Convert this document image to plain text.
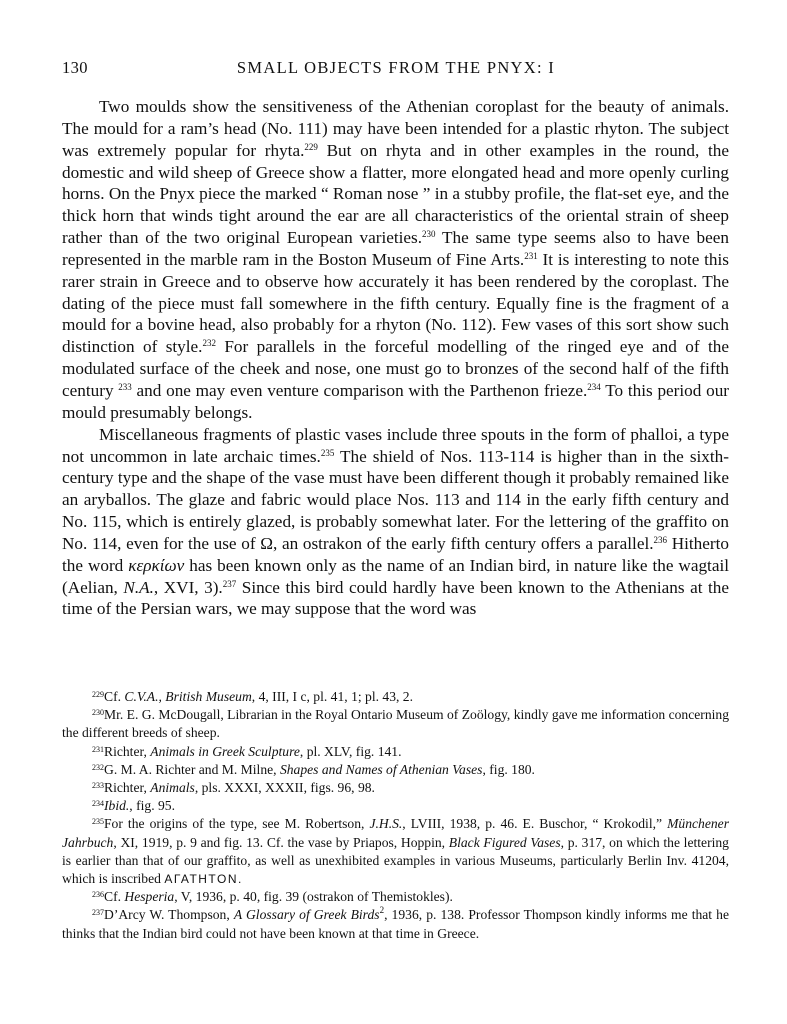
130	SMALL OBJECTS FROM THE PNYX: I

Two moulds show the sensitiveness of the Athenian coroplast for the beauty of animals. The mould for a ram’s head (No. 111) may have been intended for a plastic rhyton. The subject was extremely popular for rhyta.$^{229}$ But on rhyta and in other examples in the round, the domestic and wild sheep of Greece show a flatter, more elongated head and more openly curling horns. On the Pnyx piece the marked “ Roman nose ” in a stubby profile, the flat-set eye, and the thick horn that winds tight around the ear are all characteristics of the oriental strain of sheep rather than of the two original European varieties.$^{230}$ The same type seems also to have been represented in the marble ram in the Boston Museum of Fine Arts.$^{231}$ It is interesting to note this rarer strain in Greece and to observe how accurately it has been rendered by the coroplast. The dating of the piece must fall somewhere in the fifth century. Equally fine is the fragment of a mould for a bovine head, also probably for a rhyton (No. 112). Few vases of this sort show such distinction of style.$^{232}$ For parallels in the forceful modelling of the ringed eye and of the modulated surface of the cheek and nose, one must go to bronzes of the second half of the fifth century $^{233}$ and one may even venture comparison with the Parthenon frieze.$^{234}$ To this period our mould presumably belongs.

Miscellaneous fragments of plastic vases include three spouts in the form of phalloi, a type not uncommon in late archaic times.$^{235}$ The shield of Nos. 113-114 is higher than in the sixth-century type and the shape of the vase must have been different though it probably remained like an aryballos. The glaze and fabric would place Nos. 113 and 114 in the early fifth century and No. 115, which is entirely glazed, is probably somewhat later. For the lettering of the graffito on No. 114, even for the use of Ω, an ostrakon of the early fifth century offers a parallel.$^{236}$ Hitherto the word κερκίων has been known only as the name of an Indian bird, in nature like the wagtail (Aelian, N.A., XVI, 3).$^{237}$ Since this bird could hardly have been known to the Athenians at the time of the Persian wars, we may suppose that the word was

$^{229}$Cf. C.V.A., British Museum, 4, III, I c, pl. 41, 1; pl. 43, 2.

$^{230}$Mr. E. G. McDougall, Librarian in the Royal Ontario Museum of Zoölogy, kindly gave me information concerning the different breeds of sheep.

$^{231}$Richter, Animals in Greek Sculpture, pl. XLV, fig. 141.

$^{232}$G. M. A. Richter and M. Milne, Shapes and Names of Athenian Vases, fig. 180.

$^{233}$Richter, Animals, pls. XXXI, XXXII, figs. 96, 98.

$^{234}$Ibid., fig. 95.

$^{235}$For the origins of the type, see M. Robertson, J.H.S., LVIII, 1938, p. 46. E. Buschor, “ Krokodil,” Münchener Jahrbuch, XI, 1919, p. 9 and fig. 13. Cf. the vase by Priapos, Hoppin, Black Figured Vases, p. 317, on which the lettering is earlier than that of our graffito, as well as unexhibited examples in various Museums, particularly Berlin Inv. 41204, which is inscribed ΑΓΑΤΗΤΟΝ.

$^{236}$Cf. Hesperia, V, 1936, p. 40, fig. 39 (ostrakon of Themistokles).

$^{237}$D’Arcy W. Thompson, A Glossary of Greek Birds$^2$, 1936, p. 138. Professor Thompson kindly informs me that he thinks that the Indian bird could not have been known at that time in Greece.
